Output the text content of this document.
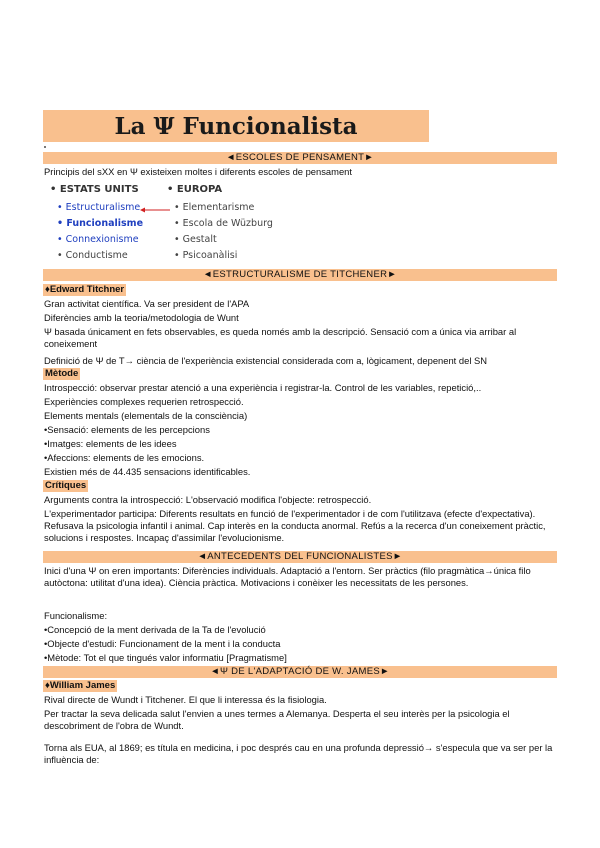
La Ψ Funcionalista
◄ESCOLES DE PENSAMENT►
Principis del sXX en Ψ existeixen moltes i diferents escoles de pensament
• ESTATS UNITS	• EUROPA
• Estructuralisme
• Funcionalisme
• Connexionisme
• Conductisme
• Elementarisme
• Escola de Wüzburg
• Gestalt
• Psicoanàlisi
◄ESTRUCTURALISME DE TITCHENER►
♦Edward Titchner
Gran activitat científica. Va ser president de l'APA
Diferències amb la teoria/metodologia de Wunt
Ψ basada únicament en fets observables, es queda només amb la descripció. Sensació com a única via arribar al coneixement
Definició de Ψ de T→ ciència de l'experiència existencial considerada com a, lògicament, depenent del SN
Mètode
Introspecció: observar prestar atenció a una experiència i registrar-la. Control de les variables, repetició,..
Experiències complexes requerien retrospecció.
Elements mentals (elementals de la consciència)
•Sensació: elements de les percepcions
•Imatges: elements de les idees
•Afeccions: elements de les emocions.
Existien més de 44.435 sensacions identificables.
Crítiques
Arguments contra la introspecció: L'observació modifica l'objecte: retrospecció.
L'experimentador participa: Diferents resultats en funció de l'experimentador i de com l'utilitzava (efecte d'expectativa). Refusava la psicologia infantil i animal. Cap interès en la conducta anormal. Refús a la recerca d'un coneixement pràctic, solucions i respostes. Incapaç d'assimilar l'evolucionisme.
◄ANTECEDENTS DEL FUNCIONALISTES►
Inici d'una Ψ on eren importants: Diferències individuals. Adaptació a l'entorn. Ser pràctics (filo pragmàtica→única filo autòctona: utilitat d'una idea). Ciència pràctica. Motivacions i conèixer les necessitats de les persones.
Funcionalisme:
•Concepció de la ment derivada de la Ta de l'evolució
•Objecte d'estudi: Funcionament de la ment i la conducta
•Mètode: Tot el que tingués valor informatiu [Pragmatisme]
◄Ψ DE L'ADAPTACIÓ DE W. JAMES►
♦William James
Rival directe de Wundt i Titchener. El que li interessa és la fisiologia.
Per tractar la seva delicada salut l'envien a unes termes a Alemanya. Desperta el seu interès per la psicologia el descobriment de l'obra de Wundt.
Torna als EUA, al 1869; es títula en medicina, i poc després cau en una profunda depressió→ s'especula que va ser per la influència de:
